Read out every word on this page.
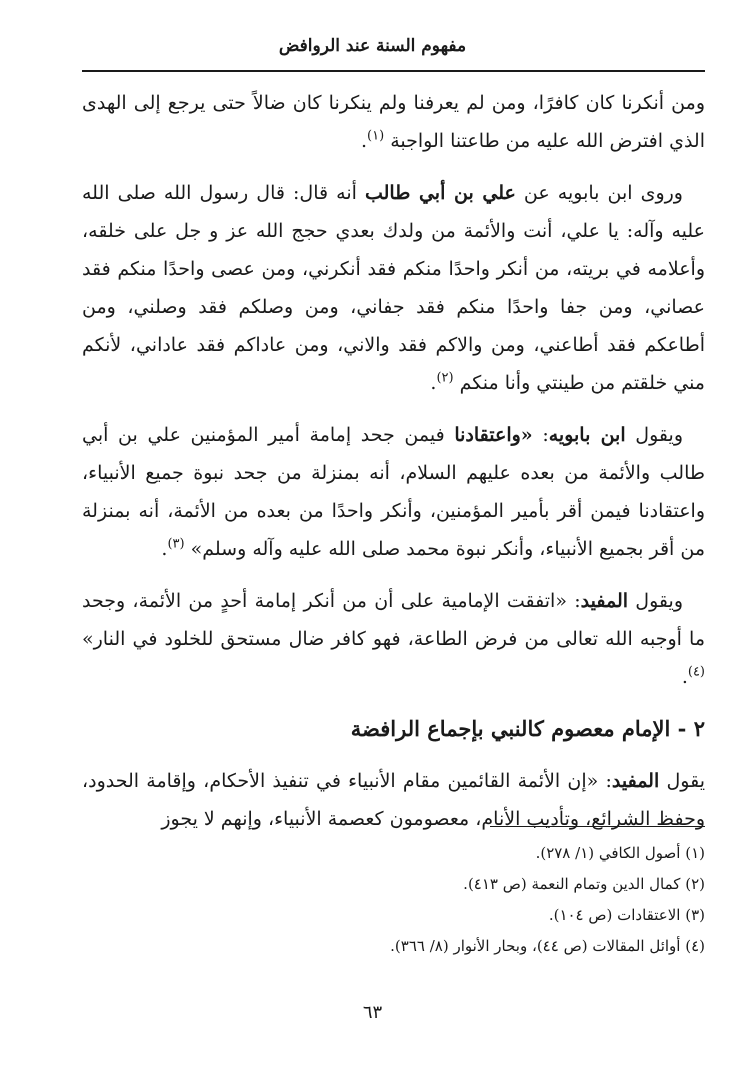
مفهوم السنة عند الروافض

ومن أنكرنا كان كافرًا، ومن لم يعرفنا ولم ينكرنا كان ضالاً حتى يرجع إلى الهدى الذي افترض الله عليه من طاعتنا الواجبة $^{(١)}$.

وروى ابن بابويه عن علي بن أبي طالب أنه قال: قال رسول الله صلى الله عليه وآله: يا علي، أنت والأئمة من ولدك بعدي حجج الله عز و جل على خلقه، وأعلامه في بريته، من أنكر واحدًا منكم فقد أنكرني، ومن عصى واحدًا منكم فقد عصاني، ومن جفا واحدًا منكم فقد جفاني، ومن وصلكم فقد وصلني، ومن أطاعكم فقد أطاعني، ومن والاكم فقد والاني، ومن عاداكم فقد عاداني، لأنكم مني خلقتم من طينتي وأنا منكم $^{(٢)}$.

ويقول ابن بابويه: «واعتقادنا فيمن جحد إمامة أمير المؤمنين علي بن أبي طالب والأئمة من بعده عليهم السلام، أنه بمنزلة من جحد نبوة جميع الأنبياء، واعتقادنا فيمن أقر بأمير المؤمنين، وأنكر واحدًا من بعده من الأئمة، أنه بمنزلة من أقر بجميع الأنبياء، وأنكر نبوة محمد صلى الله عليه وآله وسلم» $^{(٣)}$.

ويقول المفيد: «اتفقت الإمامية على أن من أنكر إمامة أحدٍ من الأئمة، وجحد ما أوجبه الله تعالى من فرض الطاعة، فهو كافر ضال مستحق للخلود في النار» $^{(٤)}$.

٢ - الإمام معصوم كالنبي بإجماع الرافضة

يقول المفيد: «إن الأئمة القائمين مقام الأنبياء في تنفيذ الأحكام، وإقامة الحدود، وحفظ الشرائع، وتأديب الأنام، معصومون كعصمة الأنبياء، وإنهم لا يجوز

(١) أصول الكافي (١/ ٢٧٨).
(٢) كمال الدين وتمام النعمة (ص ٤١٣).
(٣) الاعتقادات (ص ١٠٤).
(٤) أوائل المقالات (ص ٤٤)، وبحار الأنوار (٨/ ٣٦٦).
٦٣
